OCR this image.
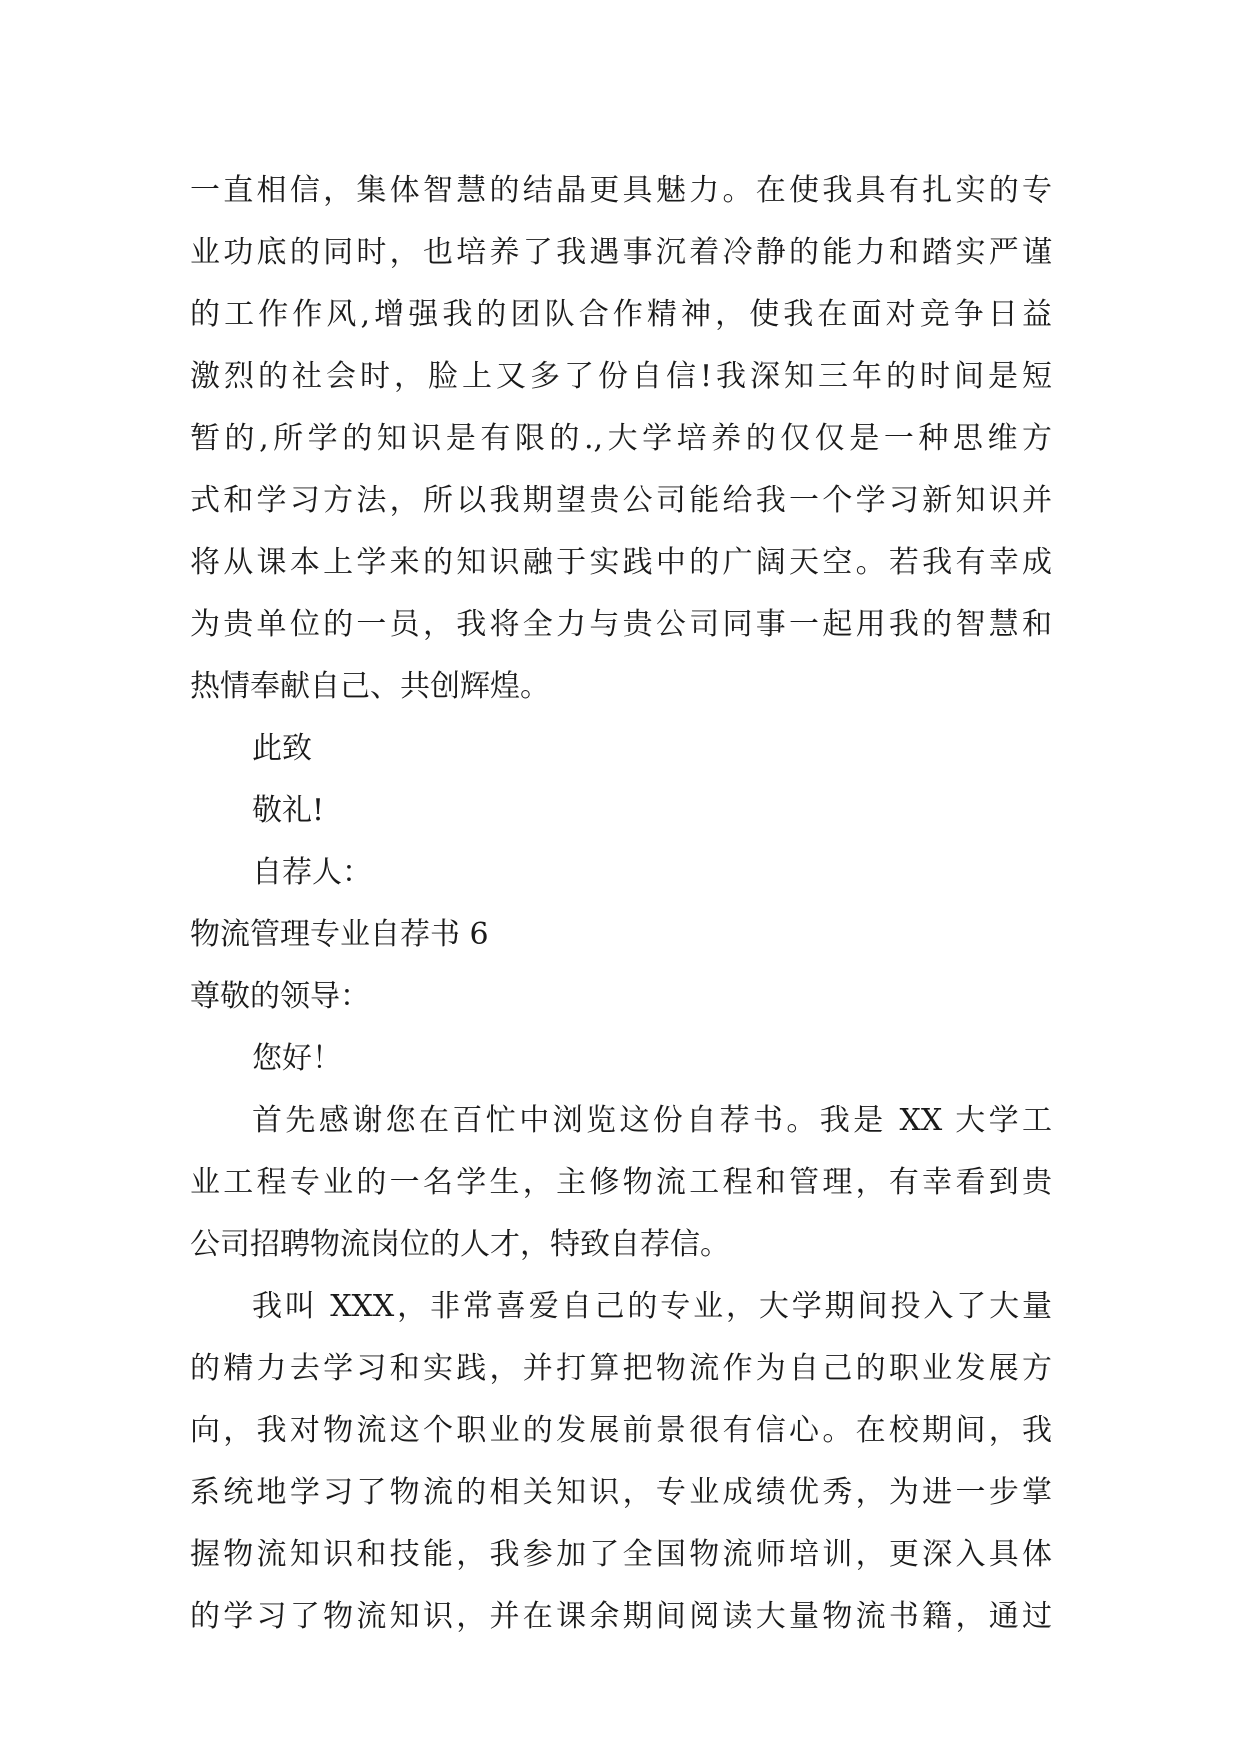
一直相信，集体智慧的结晶更具魅力。在使我具有扎实的专
业功底的同时，也培养了我遇事沉着冷静的能力和踏实严谨
的工作作风,增强我的团队合作精神，使我在面对竞争日益
激烈的社会时，脸上又多了份自信!我深知三年的时间是短
暂的,所学的知识是有限的.,大学培养的仅仅是一种思维方
式和学习方法，所以我期望贵公司能给我一个学习新知识并
将从课本上学来的知识融于实践中的广阔天空。若我有幸成
为贵单位的一员，我将全力与贵公司同事一起用我的智慧和
热情奉献自己、共创辉煌。
此致
敬礼!
自荐人：
物流管理专业自荐书 6
尊敬的领导：
您好！
首先感谢您在百忙中浏览这份自荐书。我是 XX 大学工
业工程专业的一名学生，主修物流工程和管理，有幸看到贵
公司招聘物流岗位的人才，特致自荐信。
我叫 XXX，非常喜爱自己的专业，大学期间投入了大量
的精力去学习和实践，并打算把物流作为自己的职业发展方
向，我对物流这个职业的发展前景很有信心。在校期间，我
系统地学习了物流的相关知识，专业成绩优秀，为进一步掌
握物流知识和技能，我参加了全国物流师培训，更深入具体
的学习了物流知识，并在课余期间阅读大量物流书籍，通过
